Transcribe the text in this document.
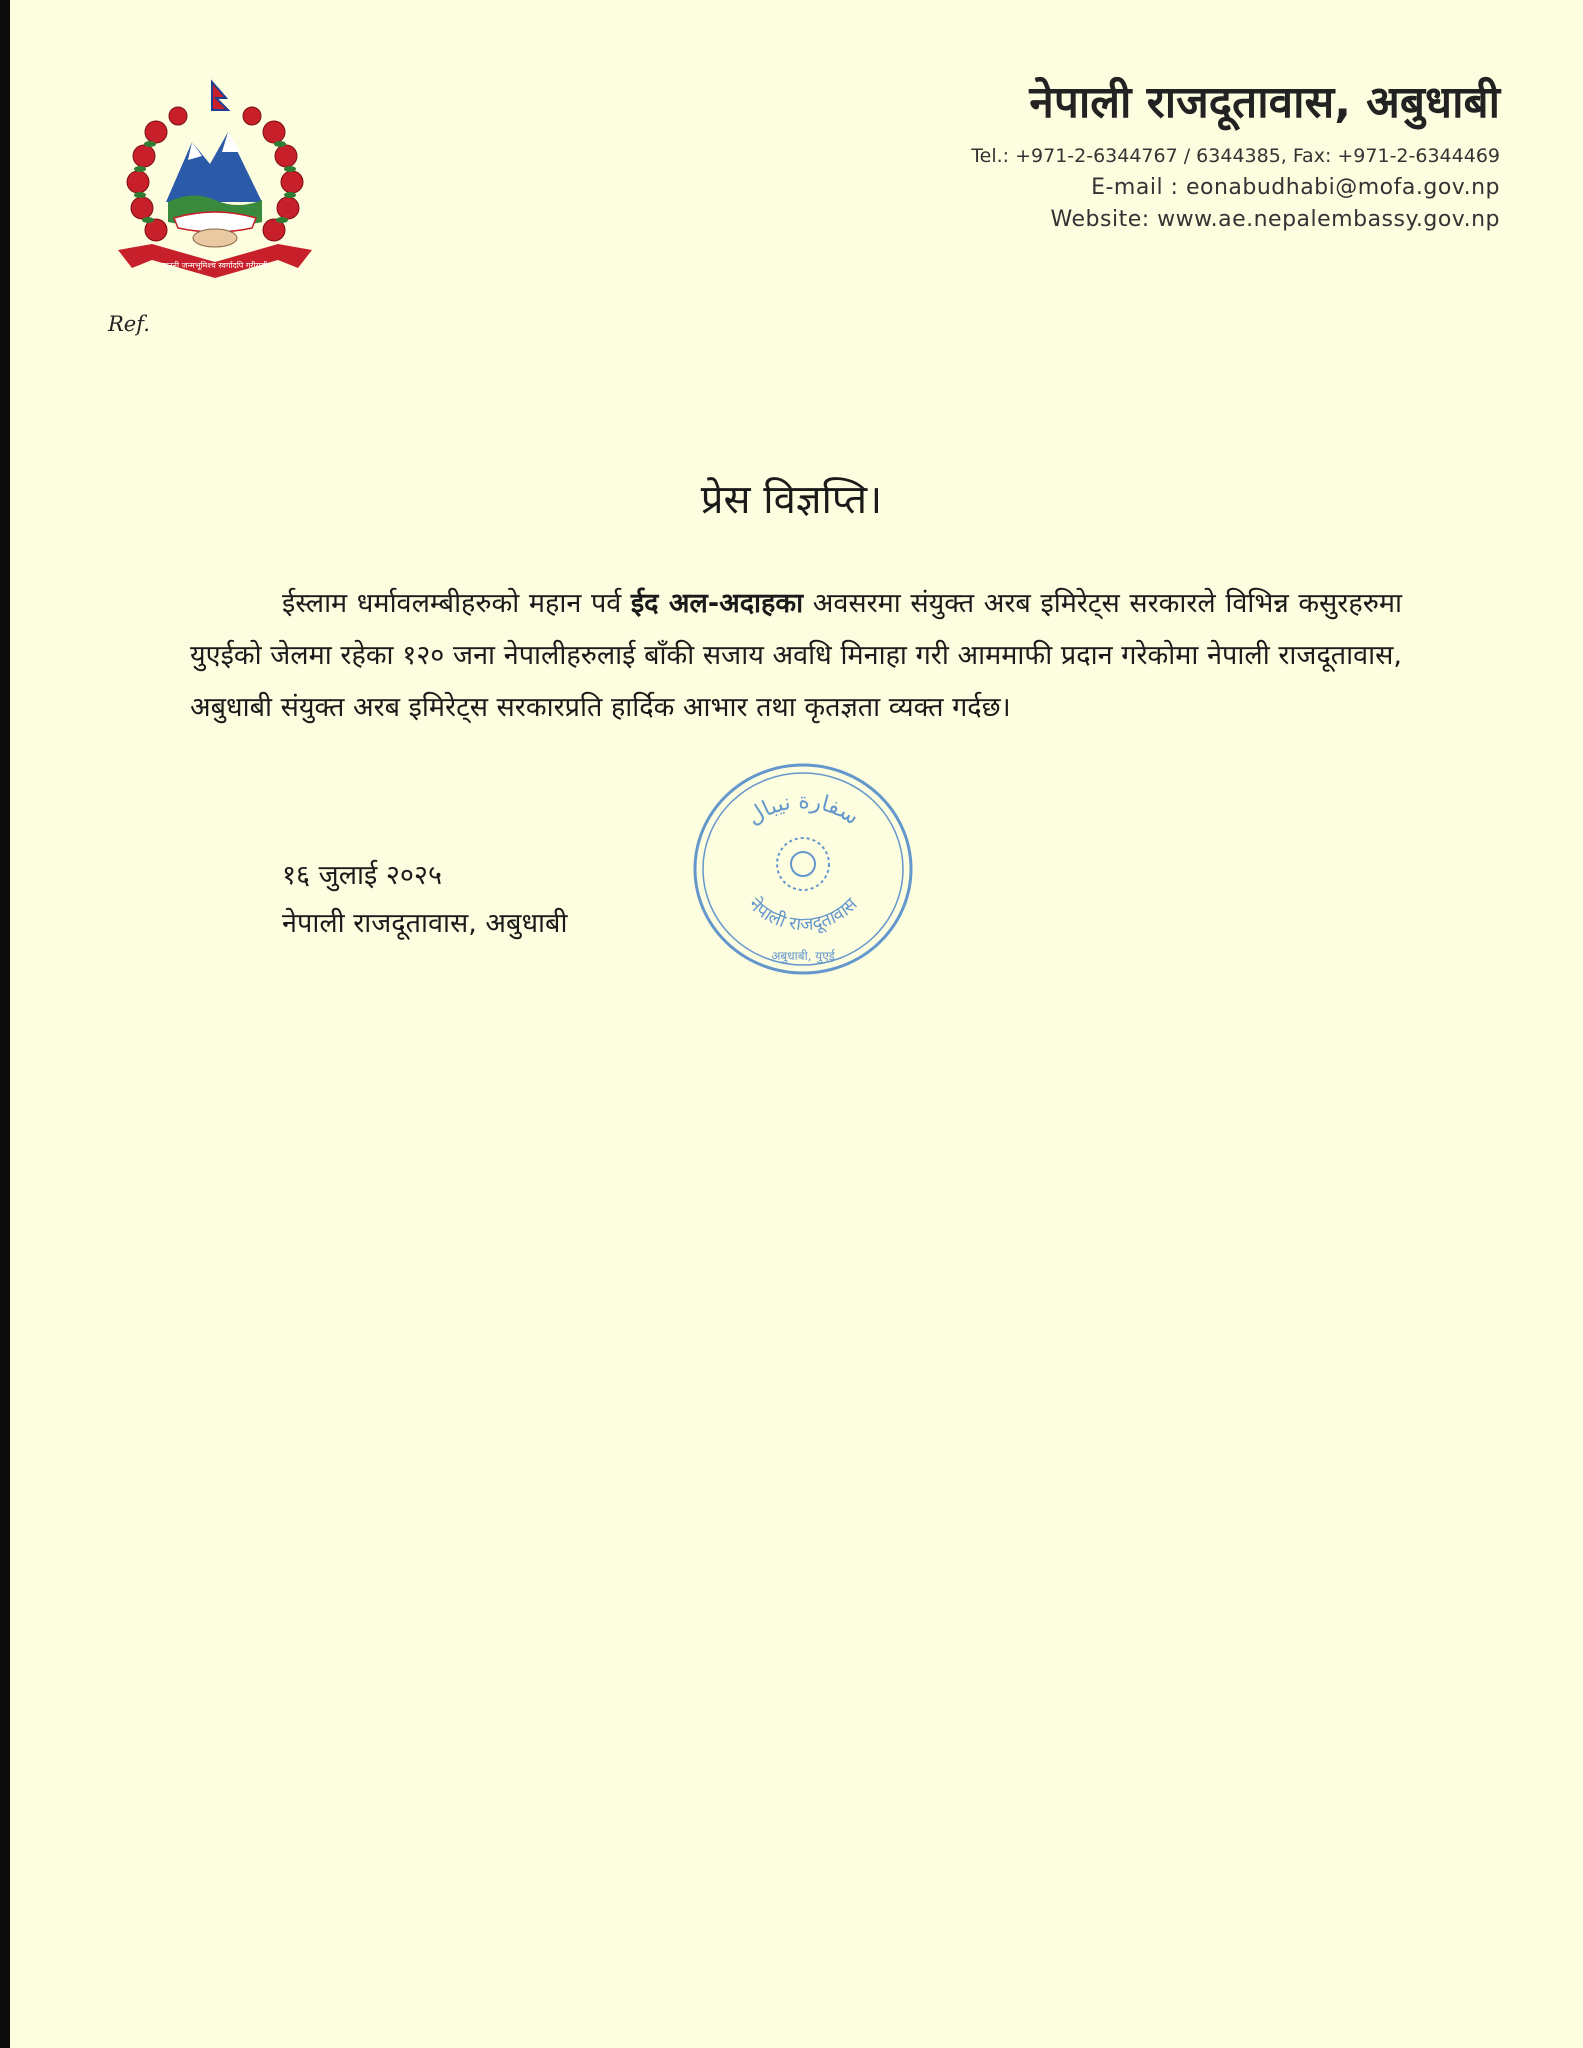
जननी जन्मभूमिश्च स्वर्गादपि गरीयसी
नेपाली राजदूतावास, अबुधाबी
Tel.: +971-2-6344767 / 6344385, Fax: +971-2-6344469
E-mail : eonabudhabi@mofa.gov.np
Website: www.ae.nepalembassy.gov.np
Ref.
प्रेस विज्ञप्ति।
ईस्लाम धर्मावलम्बीहरुको महान पर्व ईद अल-अदाहका अवसरमा संयुक्त अरब इमिरेट्स सरकारले विभिन्न कसुरहरुमा युएईको जेलमा रहेका १२० जना नेपालीहरुलाई बाँकी सजाय अवधि मिनाहा गरी आममाफी प्रदान गरेकोमा नेपाली राजदूतावास, अबुधाबी संयुक्त अरब इमिरेट्स सरकारप्रति हार्दिक आभार तथा कृतज्ञता व्यक्त गर्दछ।
१६ जुलाई २०२५
नेपाली राजदूतावास, अबुधाबी
سفارة نيبال
नेपाली राजदूतावास
अबुधाबी, युएई
